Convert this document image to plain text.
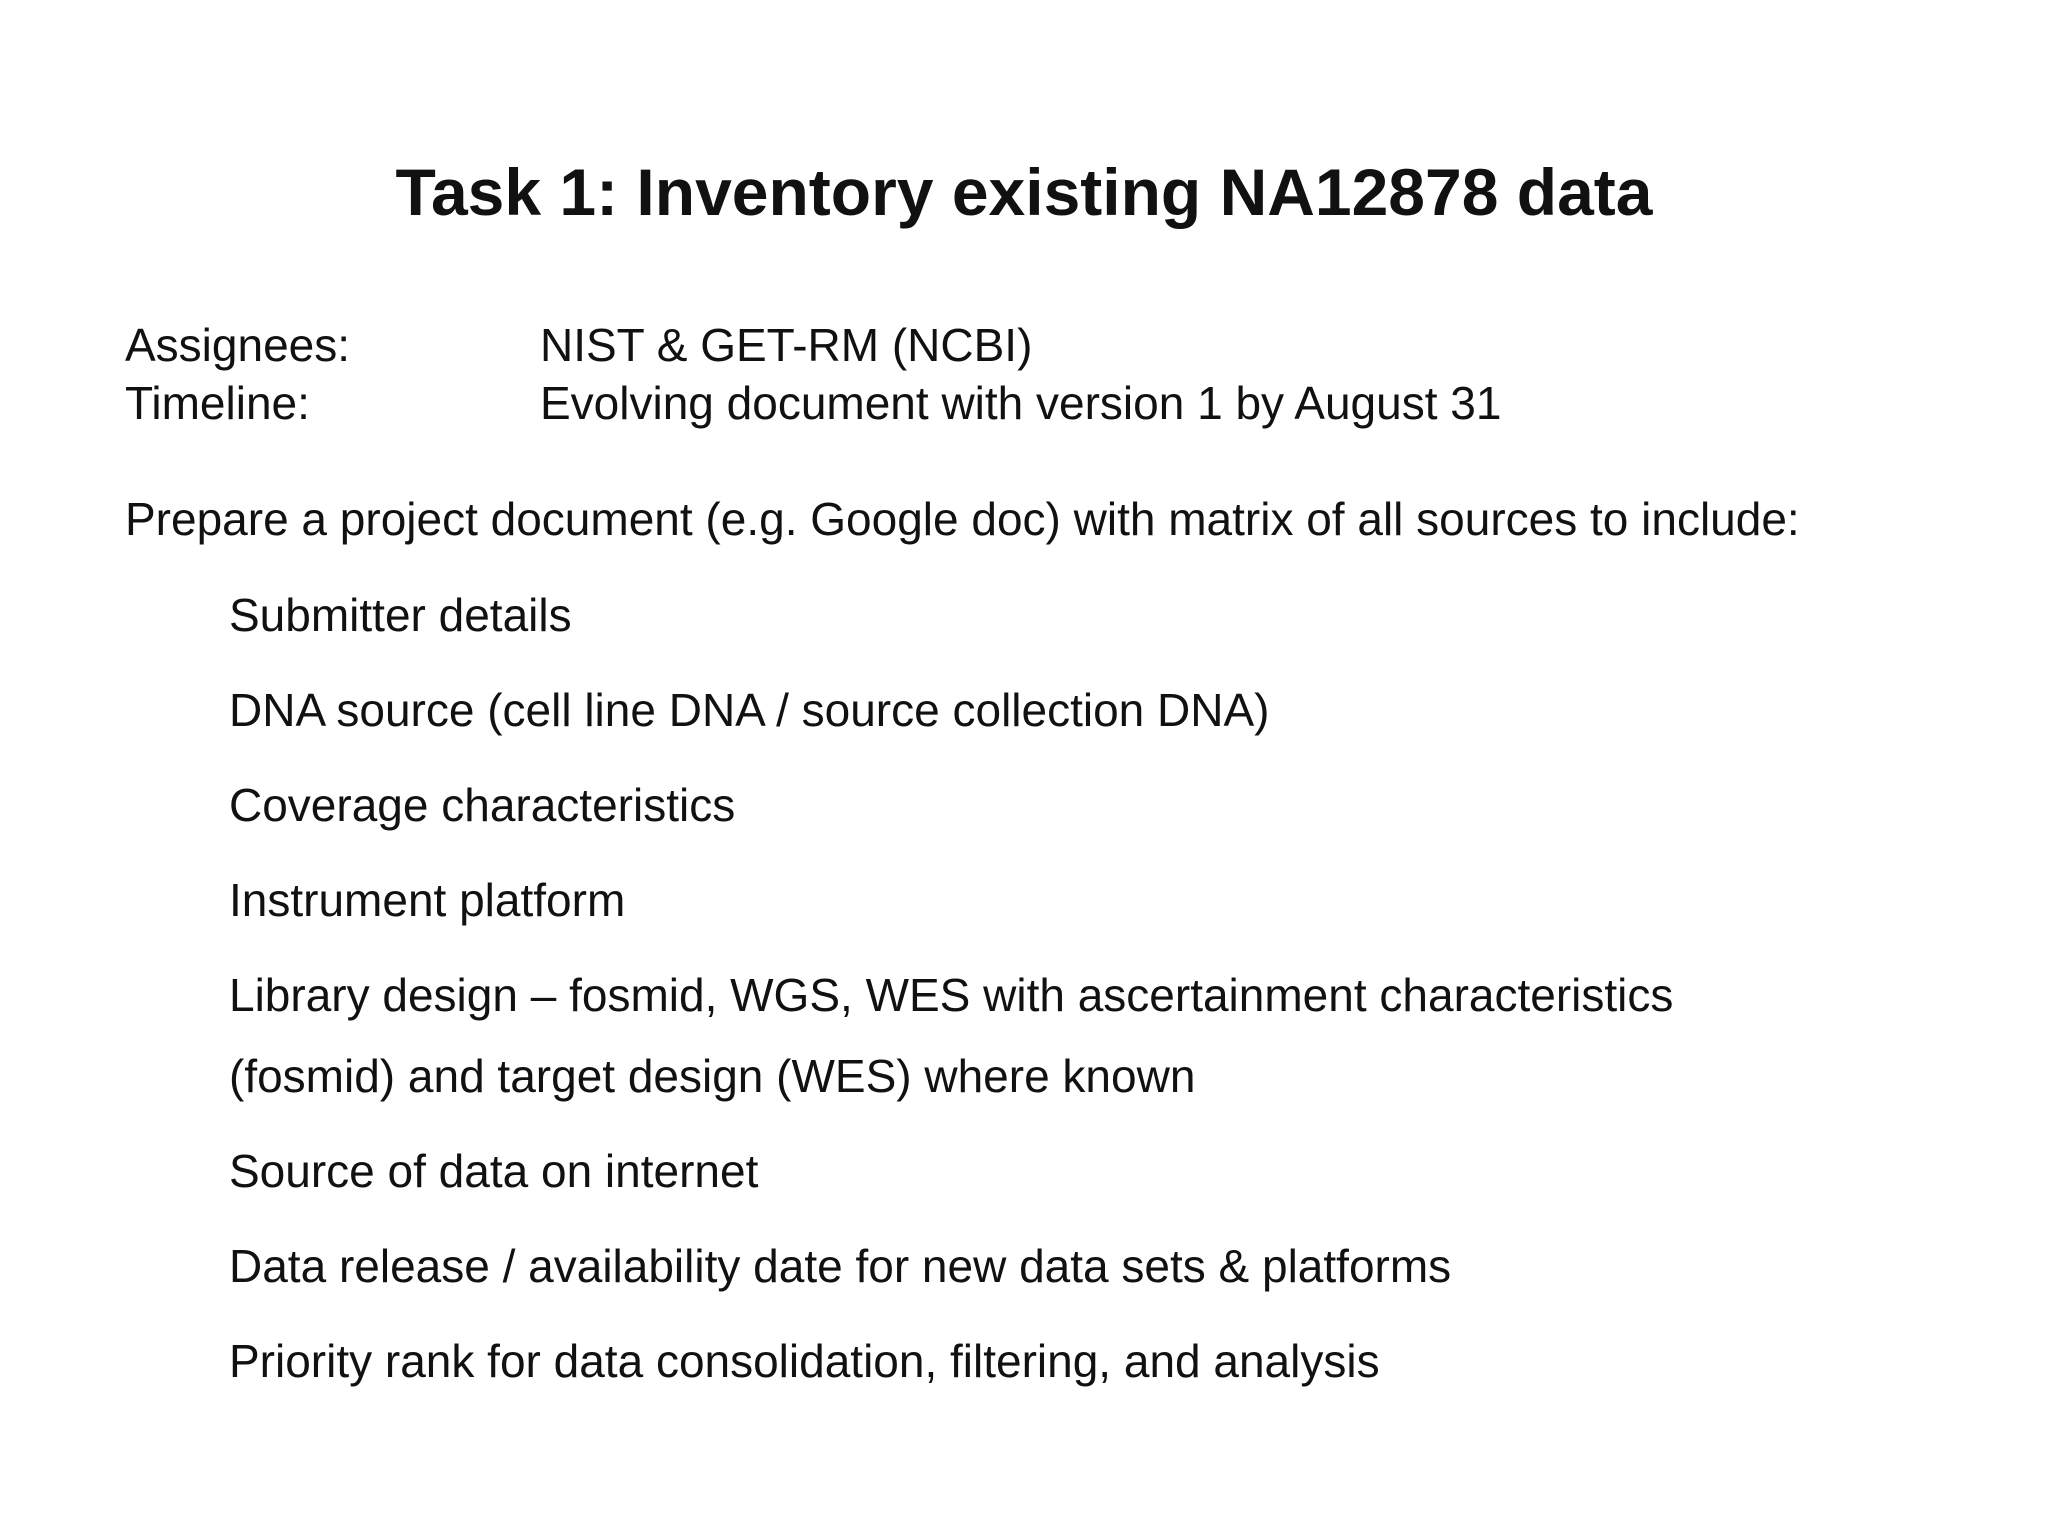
Task 1: Inventory existing NA12878 data
Assignees:	NIST & GET-RM (NCBI)
Timeline:	Evolving document with version 1 by August 31
Prepare a project document (e.g. Google doc) with matrix of all sources to include:
Submitter details
DNA source (cell line DNA / source collection DNA)
Coverage characteristics
Instrument platform
Library design – fosmid, WGS, WES with ascertainment characteristics (fosmid) and target design (WES) where known
Source of data on internet
Data release / availability date for new data sets & platforms
Priority rank for data consolidation, filtering, and analysis
